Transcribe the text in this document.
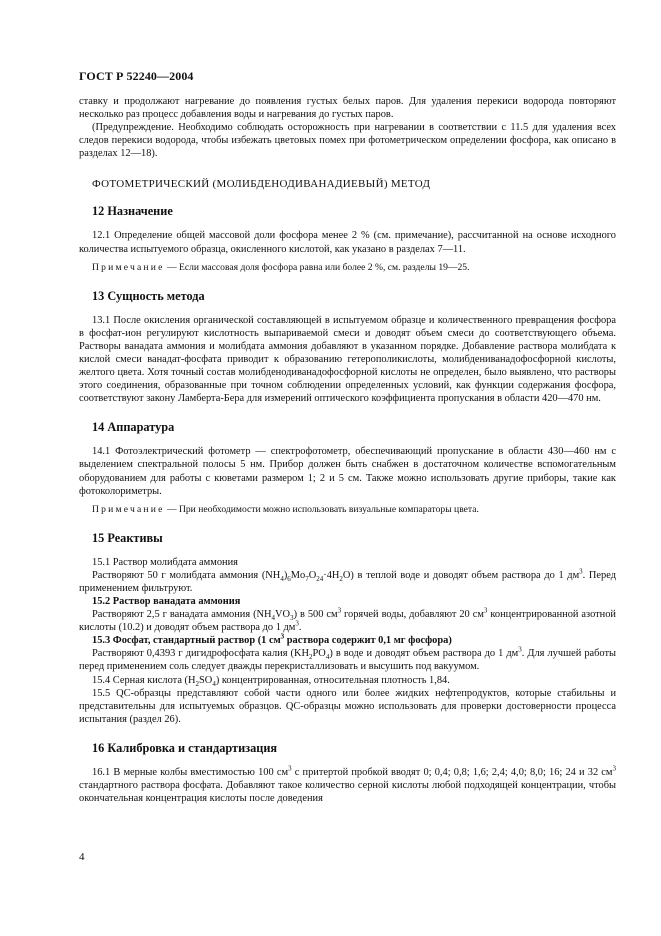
ГОСТ Р 52240—2004

ставку и продолжают нагревание до появления густых белых паров. Для удаления перекиси водорода повторяют несколько раз процесс добавления воды и нагревания до густых паров.

(Предупреждение. Необходимо соблюдать осторожность при нагревании в соответствии с 11.5 для удаления всех следов перекиси водорода, чтобы избежать цветовых помех при фотометрическом определении фосфора, как описано в разделах 12—18).

ФОТОМЕТРИЧЕСКИЙ (МОЛИБДЕНОДИВАНАДИЕВЫЙ) МЕТОД
12 Назначение

12.1 Определение общей массовой доли фосфора менее 2 % (см. примечание), рассчитанной на основе исходного количества испытуемого образца, окисленного кислотой, как указано в разделах 7—11.

Примечание — Если массовая доля фосфора равна или более 2 %, см. разделы 19—25.

13 Сущность метода

13.1 После окисления органической составляющей в испытуемом образце и количественного превращения фосфора в фосфат-ион регулируют кислотность выпариваемой смеси и доводят объем смеси до соответствующего объема. Растворы ванадата аммония и молибдата аммония добавляют в указанном порядке. Добавление раствора молибдата к кислой смеси ванадат-фосфата приводит к образованию гетерополикислоты, молибдениванадофосфорной кислоты, желтого цвета. Хотя точный состав молибденодиванадофосфорной кислоты не определен, было выявлено, что растворы этого соединения, образованные при точном соблюдении определенных условий, как функции содержания фосфора, соответствуют закону Ламберта-Бера для измерений оптического коэффициента пропускания в области 420—470 нм.

14 Аппаратура

14.1 Фотоэлектрический фотометр — спектрофотометр, обеспечивающий пропускание в области 430—460 нм с выделением спектральной полосы 5 нм. Прибор должен быть снабжен в достаточном количестве вспомогательным оборудованием для работы с кюветами размером 1; 2 и 5 см. Также можно использовать другие приборы, такие как фотоколориметры.

Примечание — При необходимости можно использовать визуальные компараторы цвета.

15 Реактивы

15.1 Раствор молибдата аммония

Растворяют 50 г молибдата аммония $(NH_4)_6Mo_7O_{24}\cdot 4H_2O$) в теплой воде и доводят объем раствора до 1 $дм^3$. Перед применением фильтруют.

15.2 Раствор ванадата аммония

Растворяют 2,5 г ванадата аммония $(NH_4VO_3)$ в 500 $см^3$ горячей воды, добавляют 20 $см^3$ концентрированной азотной кислоты (10.2) и доводят объем раствора до 1 $дм^3$.

15.3 Фосфат, стандартный раствор (1 $см^3$ раствора содержит 0,1 мг фосфора)

Растворяют 0,4393 г дигидрофосфата калия $(KH_2PO_4)$ в воде и доводят объем раствора до 1 $дм^3$. Для лучшей работы перед применением соль следует дважды перекристаллизовать и высушить под вакуумом.

15.4 Серная кислота $(H_2SO_4)$ концентрированная, относительная плотность 1,84.

15.5 QC-образцы представляют собой части одного или более жидких нефтепродуктов, которые стабильны и представительны для испытуемых образцов. QC-образцы можно использовать для проверки достоверности процесса испытания (раздел 26).

16 Калибровка и стандартизация

16.1 В мерные колбы вместимостью 100 $см^3$ с притертой пробкой вводят 0; 0,4; 0,8; 1,6; 2,4; 4,0; 8,0; 16; 24 и 32 $см^3$ стандартного раствора фосфата. Добавляют такое количество серной кислоты любой подходящей концентрации, чтобы окончательная концентрация кислоты после доведения

4
